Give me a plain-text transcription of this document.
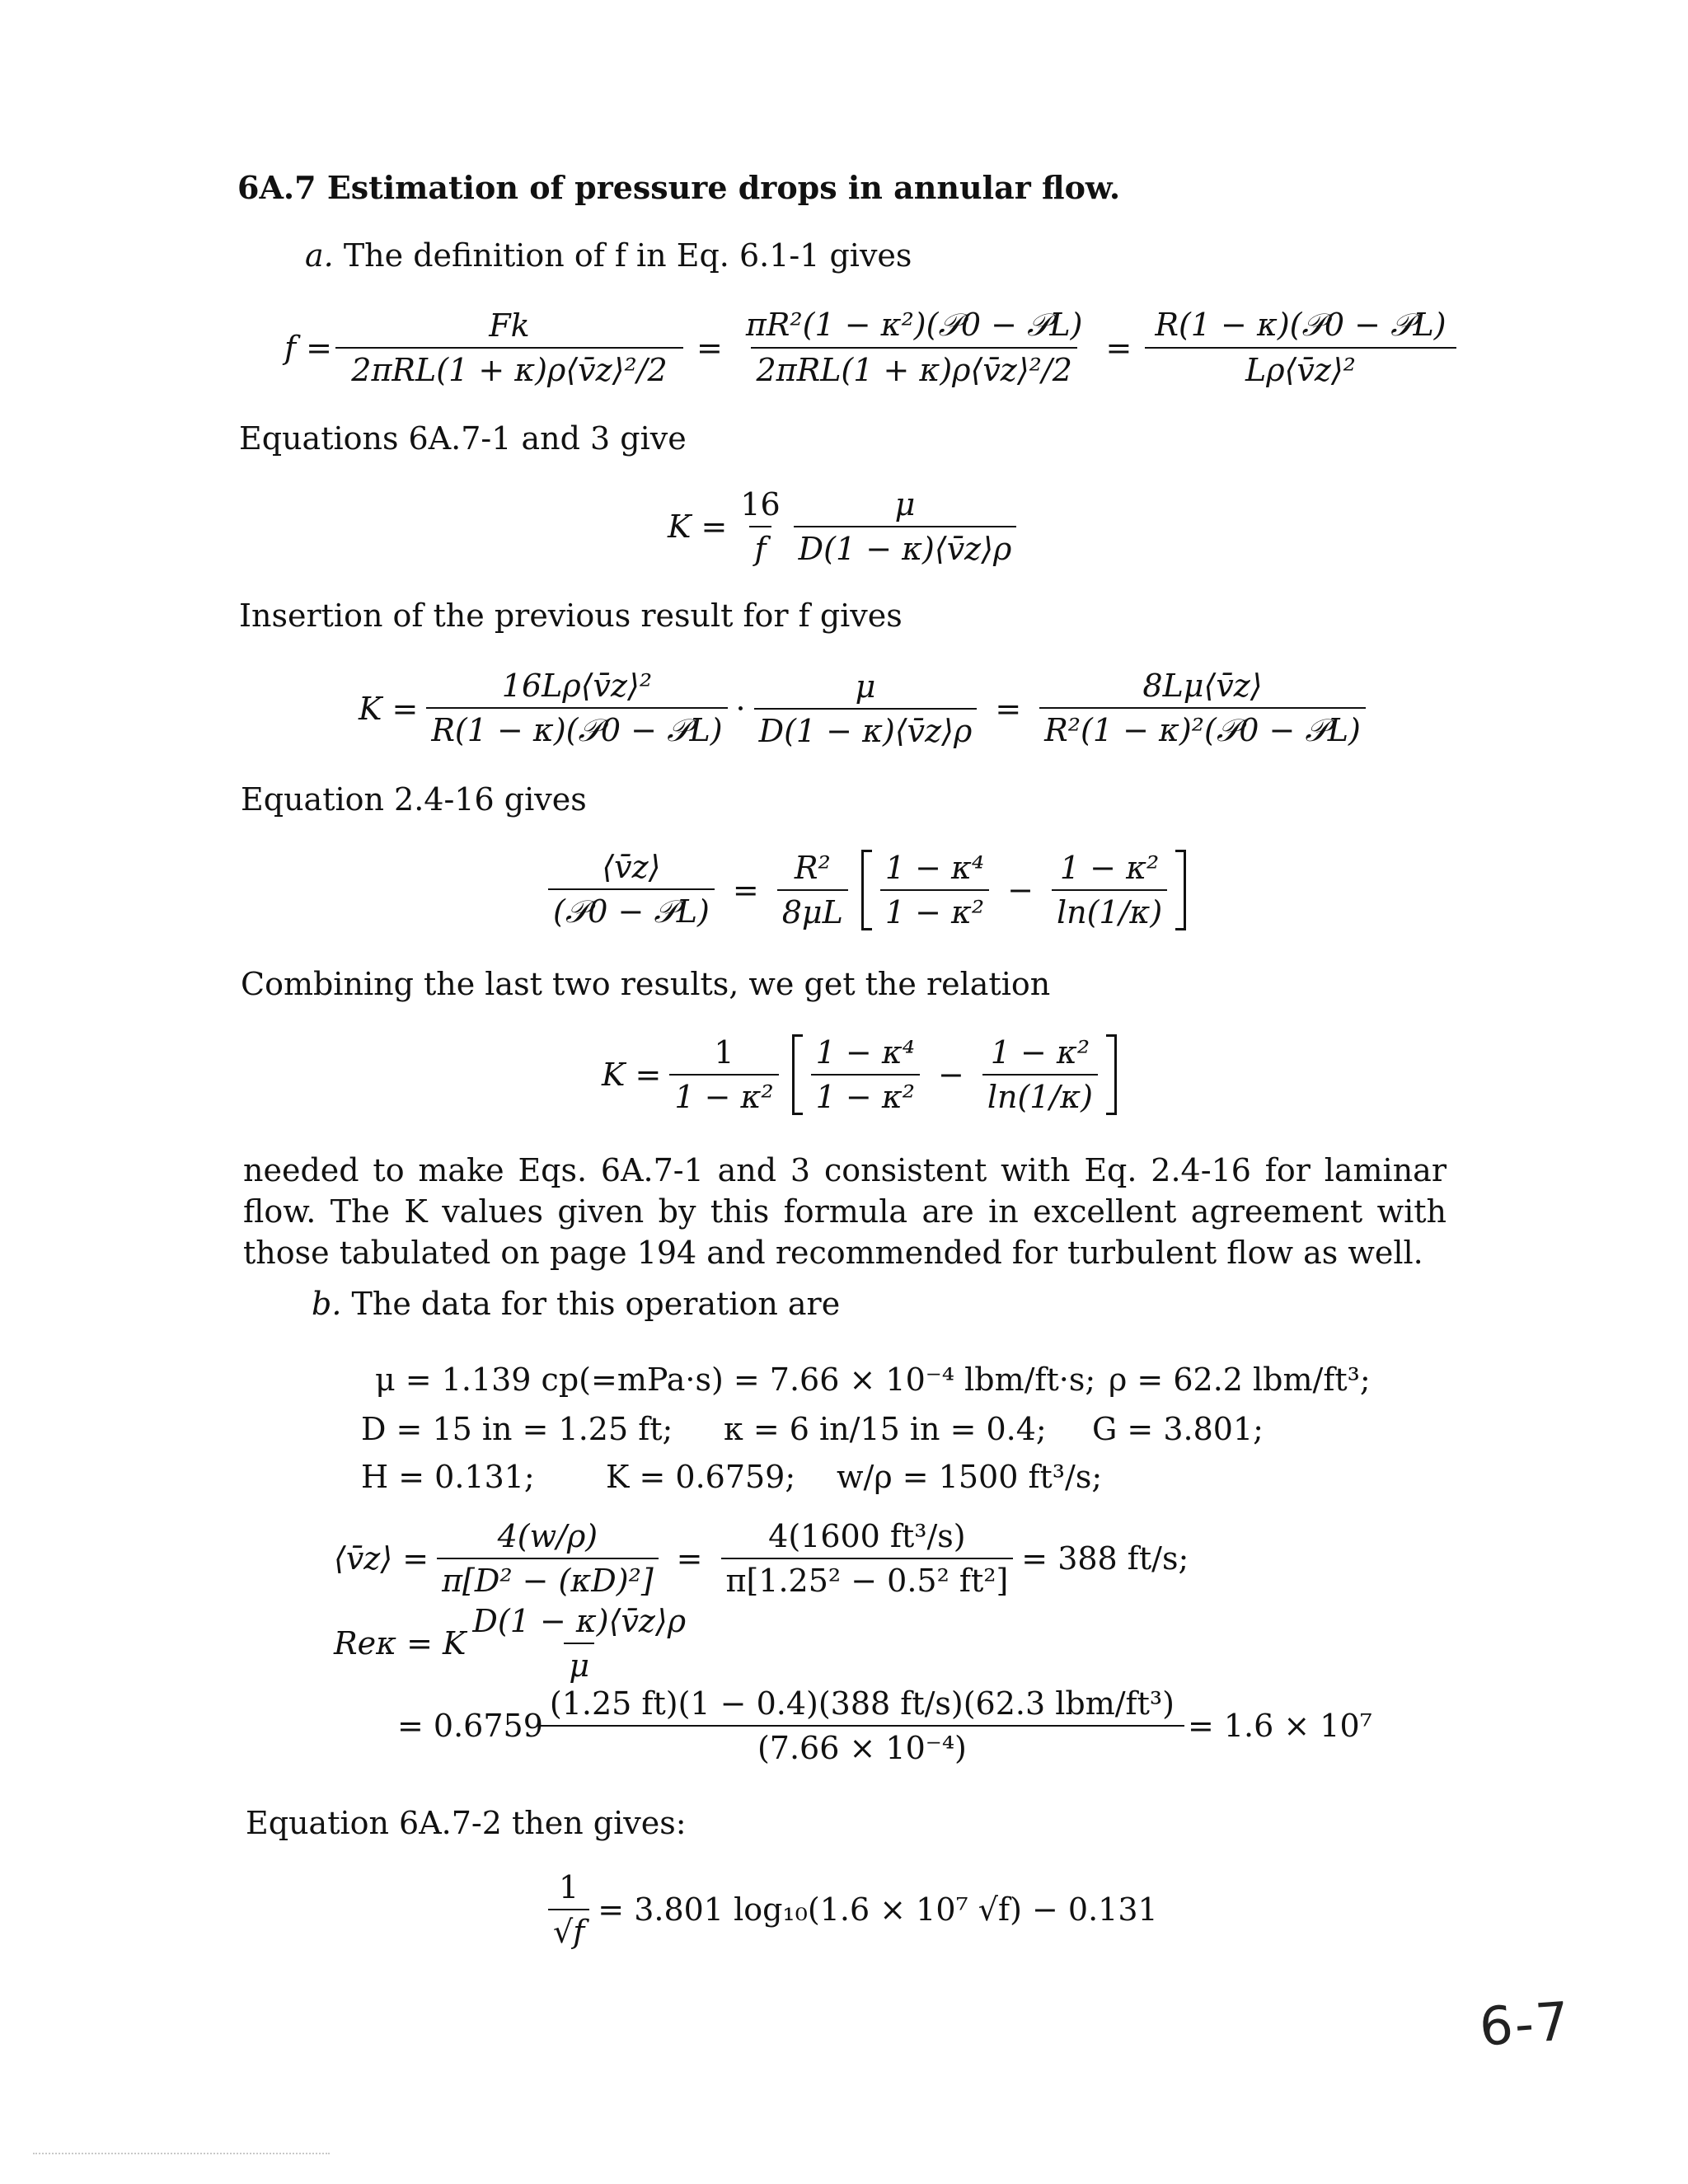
6A.7 Estimation of pressure drops in annular flow.
a. The definition of f in Eq. 6.1-1 gives
$f = \frac{Fk}{\text{2πRL(1 + κ)ρ⟨v̄z⟩²/2}} = \frac{\text{πR²(1 − κ²)(𝒫0 − 𝒫L)}}{\text{2πRL(1 + κ)ρ⟨v̄z⟩²/2}} = \frac{\text{R(1 − κ)(𝒫0 − 𝒫L)}}{\text{Lρ⟨v̄z⟩²}}$
Equations 6A.7-1 and 3 give
$K = \frac{16}{f} \frac{\mu}{D(1 - \kappa)⟨v̄z⟩\rho}$
Insertion of the previous result for f gives
$K = \frac{\text{16Lρ⟨v̄z⟩²}}{\text{R(1 − κ)(𝒫0 − 𝒫L)}} \cdot \frac{\mu}{D(1 - \kappa)⟨v̄z⟩\rho} = \frac{8L\mu⟨v̄z⟩}{\text{R²(1 − κ)²(𝒫0 − 𝒫L)}}$
Equation 2.4-16 gives
$\frac{⟨v̄z⟩}{\text{(𝒫0 − 𝒫L)}} = \frac{\text{R²}}{8\mu L} \frac{\text{1 − κ⁴}}{\text{1 − κ²}} - \frac{\text{1 − κ²}}{\ln(1/\kappa)}$
Combining the last two results, we get the relation
$K = \frac{1}{\text{1 − κ²}} \frac{\text{1 − κ⁴}}{\text{1 − κ²}} - \frac{\text{1 − κ²}}{\ln(1/\kappa)}$
needed to make Eqs. 6A.7-1 and 3 consistent with Eq. 2.4-16 for laminar flow. The K values given by this formula are in excellent agreement with those tabulated on page 194 and recommended for turbulent flow as well.
b. The data for this operation are
μ = 1.139 cp(=mPa·s) = 7.66 × 10⁻⁴ lbm/ft·s; ρ = 62.2 lbm/ft³;
D = 15 in = 1.25 ft; κ = 6 in/15 in = 0.4; G = 3.801;
H = 0.131; K = 0.6759; w/ρ = 1500 ft³/s;
⟨v̄z⟩ = $\frac{4(w/\rho)}{\text{π[D² − (κD)²]}} = \frac{\text{4(1600 ft³/s)}}{\text{π[1.25² − 0.5² ft²]}} = 388$ ft/s;
Reκ = K $\frac{D(1 - \kappa)⟨v̄z⟩\rho}{\mu}$
= $0.6759 \frac{\text{(1.25 ft)(1 − 0.4)(388 ft/s)(62.3 lbm/ft³)}}{\text{(7.66 × 10⁻⁴)}} = 1.6 \times 10^7$
Equation 6A.7-2 then gives:
$\frac{1}{√f} = 3.801$ log₁₀(1.6 × 10⁷ √f) − 0.131
6-7
